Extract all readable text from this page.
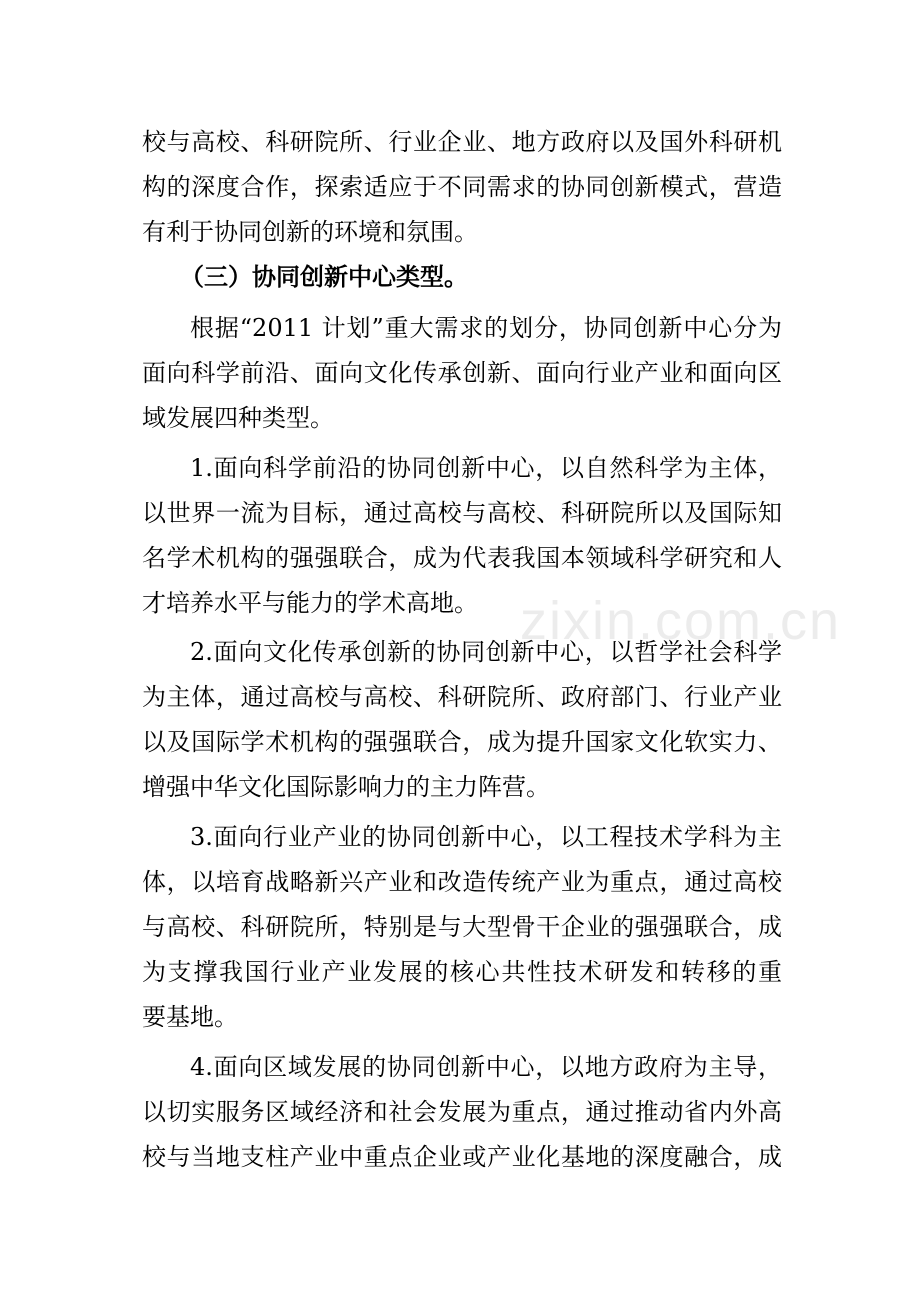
zixin.com.cn
校与高校、科研院所、行业企业、地方政府以及国外科研机
构的深度合作，探索适应于不同需求的协同创新模式，营造
有利于协同创新的环境和氛围。
（三）协同创新中心类型。
根据“2011 计划”重大需求的划分，协同创新中心分为
面向科学前沿、面向文化传承创新、面向行业产业和面向区
域发展四种类型。
1.面向科学前沿的协同创新中心，以自然科学为主体，
以世界一流为目标，通过高校与高校、科研院所以及国际知
名学术机构的强强联合，成为代表我国本领域科学研究和人
才培养水平与能力的学术高地。
2.面向文化传承创新的协同创新中心，以哲学社会科学
为主体，通过高校与高校、科研院所、政府部门、行业产业
以及国际学术机构的强强联合，成为提升国家文化软实力、
增强中华文化国际影响力的主力阵营。
3.面向行业产业的协同创新中心，以工程技术学科为主
体，以培育战略新兴产业和改造传统产业为重点，通过高校
与高校、科研院所，特别是与大型骨干企业的强强联合，成
为支撑我国行业产业发展的核心共性技术研发和转移的重
要基地。
4.面向区域发展的协同创新中心，以地方政府为主导，
以切实服务区域经济和社会发展为重点，通过推动省内外高
校与当地支柱产业中重点企业或产业化基地的深度融合，成
